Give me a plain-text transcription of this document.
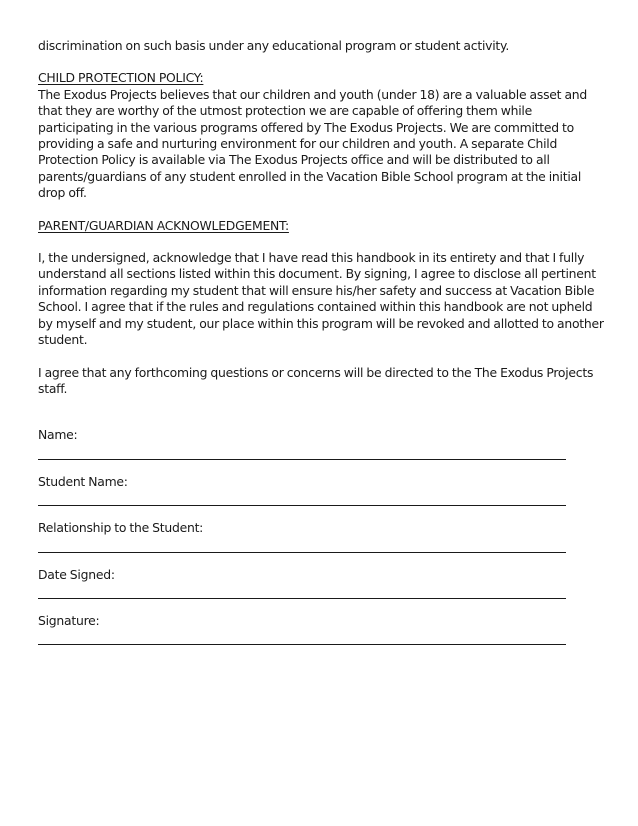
discrimination on such basis under any educational program or student activity.

CHILD PROTECTION POLICY:

The Exodus Projects believes that our children and youth (under 18) are a valuable asset and that they are worthy of the utmost protection we are capable of offering them while participating in the various programs offered by The Exodus Projects. We are committed to providing a safe and nurturing environment for our children and youth. A separate Child Protection Policy is available via The Exodus Projects office and will be distributed to all parents/guardians of any student enrolled in the Vacation Bible School program at the initial drop off.

PARENT/GUARDIAN ACKNOWLEDGEMENT:

I, the undersigned, acknowledge that I have read this handbook in its entirety and that I fully understand all sections listed within this document. By signing, I agree to disclose all pertinent information regarding my student that will ensure his/her safety and success at Vacation Bible School. I agree that if the rules and regulations contained within this handbook are not upheld by myself and my student, our place within this program will be revoked and allotted to another student.

I agree that any forthcoming questions or concerns will be directed to the The Exodus Projects staff.

Name:
Student Name:
Relationship to the Student:
Date Signed:
Signature:
